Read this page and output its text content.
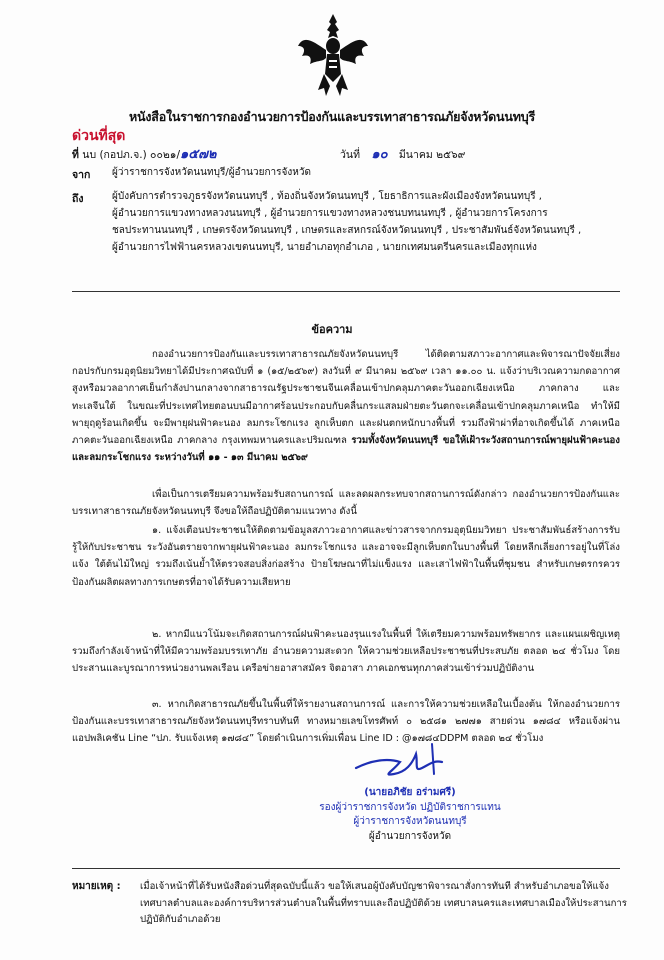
หนังสือในราชการกองอำนวยการป้องกันและบรรเทาสาธารณภัยจังหวัดนนทบุรี
ด่วนที่สุด
ที่ นบ (กอปภ.จ.) ๐๐๒๑/๑๕๗๒	วันที่ ๑๐ มีนาคม ๒๕๖๙
จาก ผู้ว่าราชการจังหวัดนนทบุรี/ผู้อำนวยการจังหวัด
ถึง	ผู้บังคับการตำรวจภูธรจังหวัดนนทบุรี , ท้องถิ่นจังหวัดนนทบุรี , โยธาธิการและผังเมืองจังหวัดนนทบุรี ,
ผู้อำนวยการแขวงทางหลวงนนทบุรี , ผู้อำนวยการแขวงทางหลวงชนบทนนทบุรี , ผู้อำนวยการโครงการ
ชลประทานนนทบุรี , เกษตรจังหวัดนนทบุรี , เกษตรและสหกรณ์จังหวัดนนทบุรี , ประชาสัมพันธ์จังหวัดนนทบุรี ,
ผู้อำนวยการไฟฟ้านครหลวงเขตนนทบุรี, นายอำเภอทุกอำเภอ , นายกเทศมนตรีนครและเมืองทุกแห่ง
ข้อความ
กองอำนวยการป้องกันและบรรเทาสาธารณภัยจังหวัดนนทบุรี ได้ติดตามสภาวะอากาศและพิจารณาปัจจัยเสี่ยง กอปรกับกรมอุตุนิยมวิทยาได้มีประกาศฉบับที่ ๑ (๑๕/๒๕๖๙) ลงวันที่ ๙ มีนาคม ๒๕๖๙ เวลา ๑๑.๐๐ น. แจ้งว่าบริเวณความกดอากาศสูงหรือมวลอากาศเย็นกำลังปานกลางจากสาธารณรัฐประชาชนจีนเคลื่อนเข้าปกคลุมภาคตะวันออกเฉียงเหนือ ภาคกลาง และทะเลจีนใต้ ในขณะที่ประเทศไทยตอนบนมีอากาศร้อนประกอบกับคลื่นกระแสลมฝ่ายตะวันตกจะเคลื่อนเข้าปกคลุมภาคเหนือ ทำให้มีพายุฤดูร้อนเกิดขึ้น จะมีพายุฝนฟ้าคะนอง ลมกระโชกแรง ลูกเห็บตก และฝนตกหนักบางพื้นที่ รวมถึงฟ้าผ่าที่อาจเกิดขึ้นได้ ภาคเหนือ ภาคตะวันออกเฉียงเหนือ ภาคกลาง กรุงเทพมหานครและปริมณฑล รวมทั้งจังหวัดนนทบุรี ขอให้เฝ้าระวังสถานการณ์พายุฝนฟ้าคะนอง และลมกระโชกแรง ระหว่างวันที่ ๑๑ - ๑๓ มีนาคม ๒๕๖๙
เพื่อเป็นการเตรียมความพร้อมรับสถานการณ์ และลดผลกระทบจากสถานการณ์ดังกล่าว กองอำนวยการป้องกันและบรรเทาสาธารณภัยจังหวัดนนทบุรี จึงขอให้ถือปฏิบัติตามแนวทาง ดังนี้
๑. แจ้งเตือนประชาชนให้ติดตามข้อมูลสภาวะอากาศและข่าวสารจากกรมอุตุนิยมวิทยา ประชาสัมพันธ์สร้างการรับรู้ให้กับประชาชน ระวังอันตรายจากพายุฝนฟ้าคะนอง ลมกระโชกแรง และอาจจะมีลูกเห็บตกในบางพื้นที่ โดยหลีกเลี่ยงการอยู่ในที่โล่งแจ้ง ใต้ต้นไม้ใหญ่ รวมถึงเน้นย้ำให้ตรวจสอบสิ่งก่อสร้าง ป้ายโฆษณาที่ไม่แข็งแรง และเสาไฟฟ้าในพื้นที่ชุมชน สำหรับเกษตรกรควรป้องกันผลิตผลทางการเกษตรที่อาจได้รับความเสียหาย
๒. หากมีแนวโน้มจะเกิดสถานการณ์ฝนฟ้าคะนองรุนแรงในพื้นที่ ให้เตรียมความพร้อมทรัพยากร และแผนเผชิญเหตุ รวมถึงกำลังเจ้าหน้าที่ให้มีความพร้อมบรรเทาภัย อำนวยความสะดวก ให้ความช่วยเหลือประชาชนที่ประสบภัย ตลอด ๒๔ ชั่วโมง โดยประสานและบูรณาการหน่วยงานพลเรือน เครือข่ายอาสาสมัคร จิตอาสา ภาคเอกชนทุกภาคส่วนเข้าร่วมปฏิบัติงาน
๓. หากเกิดสาธารณภัยขึ้นในพื้นที่ให้รายงานสถานการณ์ และการให้ความช่วยเหลือในเบื้องต้น ให้กองอำนวยการป้องกันและบรรเทาสาธารณภัยจังหวัดนนทบุรีทราบทันที ทางหมายเลขโทรศัพท์ ๐ ๒๕๘๑ ๒๗๗๑ สายด่วน ๑๗๘๔ หรือแจ้งผ่าน แอปพลิเคชัน Line “ปภ. รับแจ้งเหตุ ๑๗๘๔” โดยดำเนินการเพิ่มเพื่อน Line ID : @๑๗๘๔DDPM ตลอด ๒๔ ชั่วโมง
(นายอภิชัย อร่ามศรี)
รองผู้ว่าราชการจังหวัด ปฏิบัติราชการแทน
ผู้ว่าราชการจังหวัดนนทบุรี
ผู้อำนวยการจังหวัด
หมายเหตุ : เมื่อเจ้าหน้าที่ได้รับหนังสือด่วนที่สุดฉบับนี้แล้ว ขอให้เสนอผู้บังคับบัญชาพิจารณาสั่งการทันที สำหรับอำเภอขอให้แจ้งเทศบาลตำบลและองค์การบริหารส่วนตำบลในพื้นที่ทราบและถือปฏิบัติด้วย เทศบาลนครและเทศบาลเมืองให้ประสานการปฏิบัติกับอำเภอด้วย
